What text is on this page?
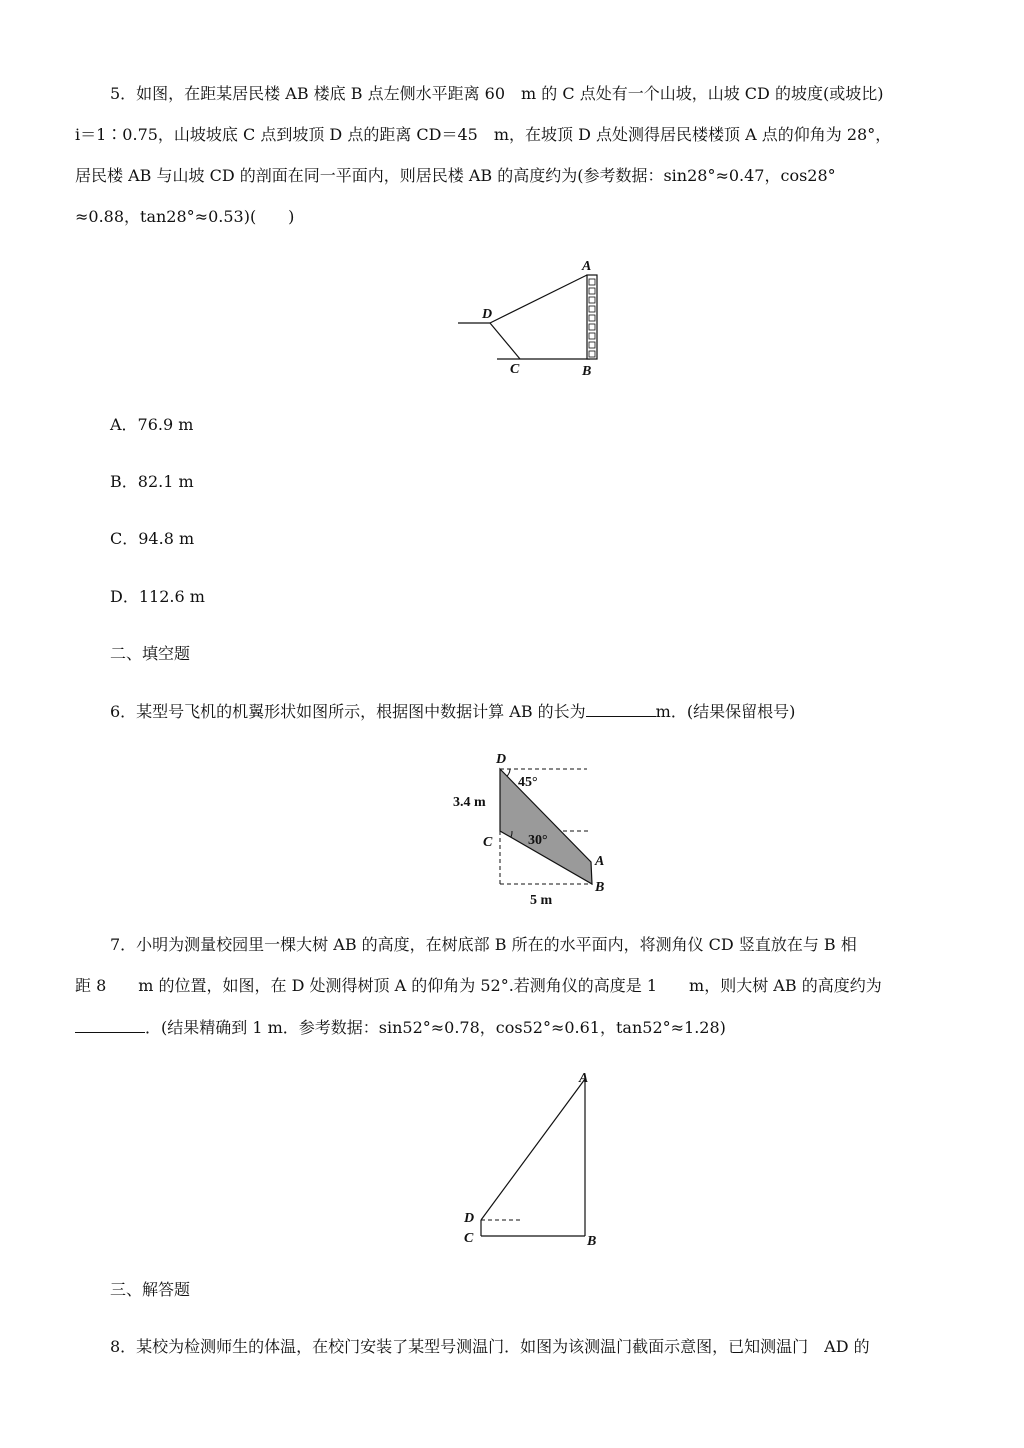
5．如图，在距某居民楼 AB 楼底 B 点左侧水平距离 60　m 的 C 点处有一个山坡，山坡 CD 的坡度(或坡比)
i＝1∶0.75，山坡坡底 C 点到坡顶 D 点的距离 CD＝45　m，在坡顶 D 点处测得居民楼楼顶 A 点的仰角为 28°，
居民楼 AB 与山坡 CD 的剖面在同一平面内，则居民楼 AB 的高度约为(参考数据：sin28°≈0.47，cos28°
≈0.88，tan28°≈0.53)(　　)
A
D
C	B
A．76.9 m
B．82.1 m
C．94.8 m
D．112.6 m
二、填空题
6．某型号飞机的机翼形状如图所示，根据图中数据计算 AB 的长为	m．(结果保留根号)
D
C
A
B
45°
30°
3.4 m
5 m
7．小明为测量校园里一棵大树 AB 的高度，在树底部 B 所在的水平面内，将测角仪 CD 竖直放在与 B 相
距 8　　m 的位置，如图，在 D 处测得树顶 A 的仰角为 52°.若测角仪的高度是 1　　m，则大树 AB 的高度约为
．(结果精确到 1 m．参考数据：sin52°≈0.78，cos52°≈0.61，tan52°≈1.28)
A
D
C	B
三、解答题
8．某校为检测师生的体温，在校门安装了某型号测温门．如图为该测温门截面示意图，已知测温门　AD 的
